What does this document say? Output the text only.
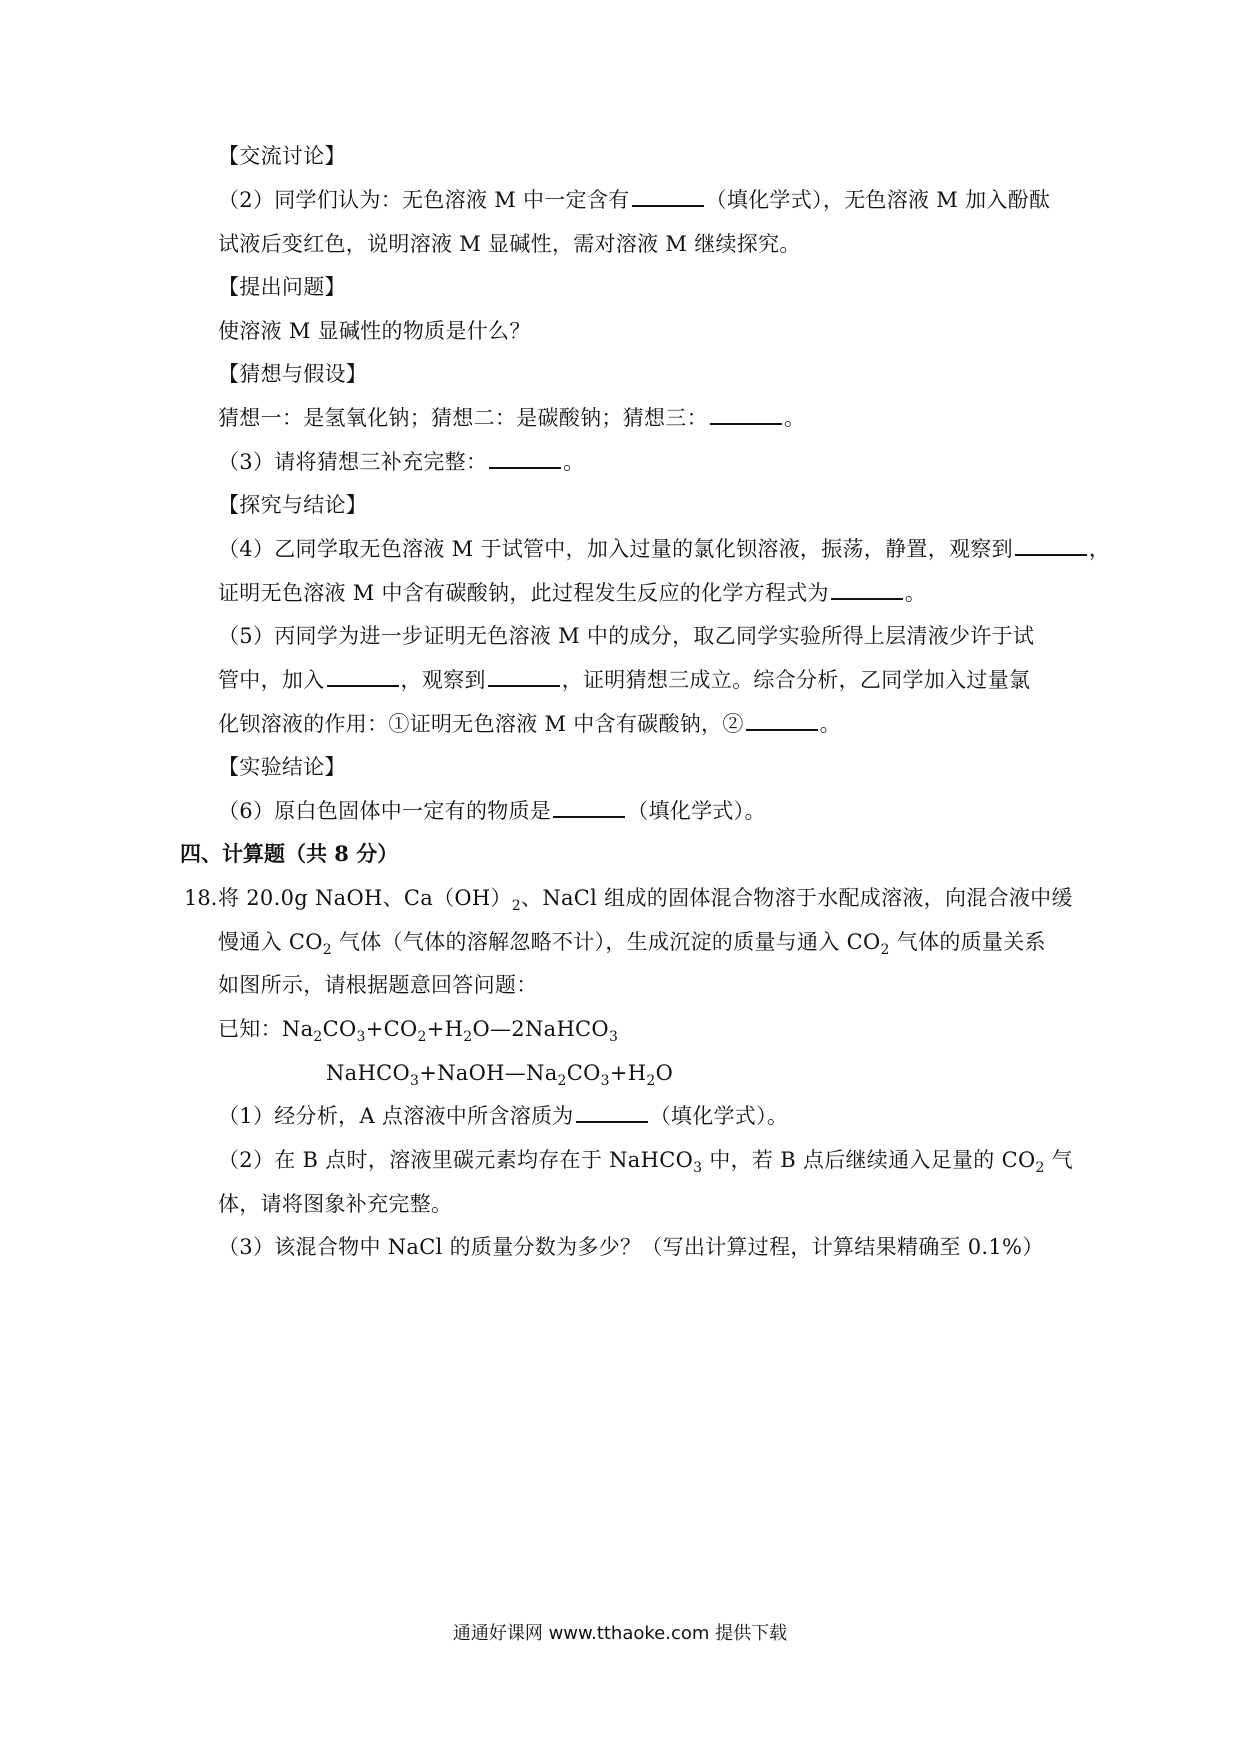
【交流讨论】
（2）同学们认为：无色溶液 M 中一定含有	（填化学式），无色溶液 M 加入酚酞
试液后变红色，说明溶液 M 显碱性，需对溶液 M 继续探究。
【提出问题】
使溶液 M 显碱性的物质是什么？
【猜想与假设】
猜想一：是氢氧化钠；猜想二：是碳酸钠；猜想三：	。
（3）请将猜想三补充完整：	。
【探究与结论】
（4）乙同学取无色溶液 M 于试管中，加入过量的氯化钡溶液，振荡，静置，观察到	，
证明无色溶液 M 中含有碳酸钠，此过程发生反应的化学方程式为	。
（5）丙同学为进一步证明无色溶液 M 中的成分，取乙同学实验所得上层清液少许于试
管中，加入	，观察到	，证明猜想三成立。综合分析，乙同学加入过量氯
化钡溶液的作用：①证明无色溶液 M 中含有碳酸钠，②	。
【实验结论】
（6）原白色固体中一定有的物质是	（填化学式）。
四、计算题（共 8 分）
18．
将 20.0g NaOH、$Ca(OH)_2$、NaCl 组成的固体混合物溶于水配成溶液，向混合液中缓
慢通入 $CO_2$ 气体（气体的溶解忽略不计），生成沉淀的质量与通入 $CO_2$ 气体的质量关系
如图所示，请根据题意回答问题：
已知：$Na_2CO_3+CO_2+H_2O—2NaHCO_3$
$NaHCO_3+NaOH—Na_2CO_3+H_2O$
（1）经分析，A 点溶液中所含溶质为	（填化学式）。
（2）在 B 点时，溶液里碳元素均存在于 NaHCO$_3$ 中，若 B 点后继续通入足量的 $CO_2$ 气
体，请将图象补充完整。
（3）该混合物中 NaCl 的质量分数为多少？（写出计算过程，计算结果精确至 0.1%）
通通好课网 www.tthaoke.com 提供下载
